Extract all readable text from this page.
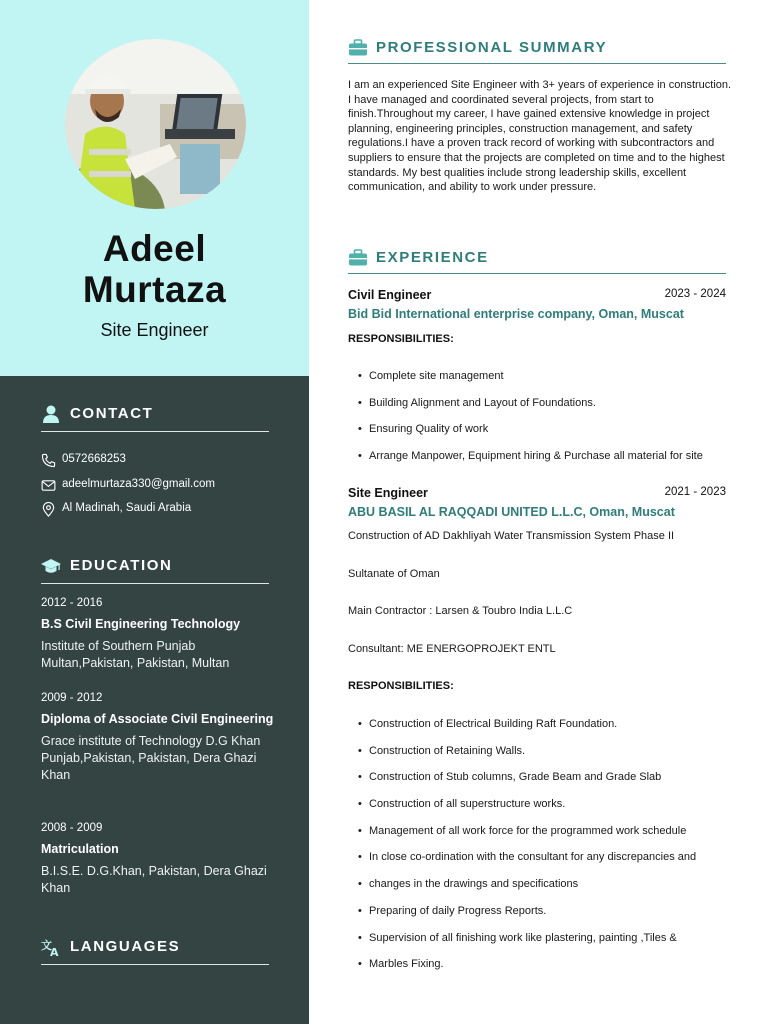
Adeel
Murtaza
Site Engineer
CONTACT
0572668253
adeelmurtaza330@gmail.com
Al Madinah, Saudi Arabia
EDUCATION
2012 - 2016
B.S Civil Engineering Technology
Institute of Southern Punjab Multan,Pakistan, Pakistan, Multan
2009 - 2012
Diploma of Associate Civil Engineering
Grace institute of Technology D.G Khan Punjab,Pakistan, Pakistan, Dera Ghazi Khan
2008 - 2009
Matriculation
B.I.S.E. D.G.Khan, Pakistan, Dera Ghazi Khan
文
A LANGUAGES
PROFESSIONAL SUMMARY
I am an experienced Site Engineer with 3+ years of experience in construction. I have managed and coordinated several projects, from start to finish.Throughout my career, I have gained extensive knowledge in project planning, engineering principles, construction management, and safety regulations.I have a proven track record of working with subcontractors and suppliers to ensure that the projects are completed on time and to the highest standards. My best qualities include strong leadership skills, excellent communication, and ability to work under pressure.
EXPERIENCE
Civil Engineer	2023 - 2024
Bid Bid International enterprise company, Oman, Muscat
RESPONSIBILITIES:
• Complete site management
• Building Alignment and Layout of Foundations.
• Ensuring Quality of work
• Arrange Manpower, Equipment hiring & Purchase all material for site
Site Engineer	2021 - 2023
ABU BASIL AL RAQQADI UNITED L.L.C, Oman, Muscat
Construction of AD Dakhliyah Water Transmission System Phase II
Sultanate of Oman
Main Contractor : Larsen & Toubro India L.L.C
Consultant: ME ENERGOPROJEKT ENTL
RESPONSIBILITIES:
• Construction of Electrical Building Raft Foundation.
• Construction of Retaining Walls.
• Construction of Stub columns, Grade Beam and Grade Slab
• Construction of all superstructure works.
• Management of all work force for the programmed work schedule
• In close co-ordination with the consultant for any discrepancies and
• changes in the drawings and specifications
• Preparing of daily Progress Reports.
• Supervision of all finishing work like plastering, painting ,Tiles &
• Marbles Fixing.
